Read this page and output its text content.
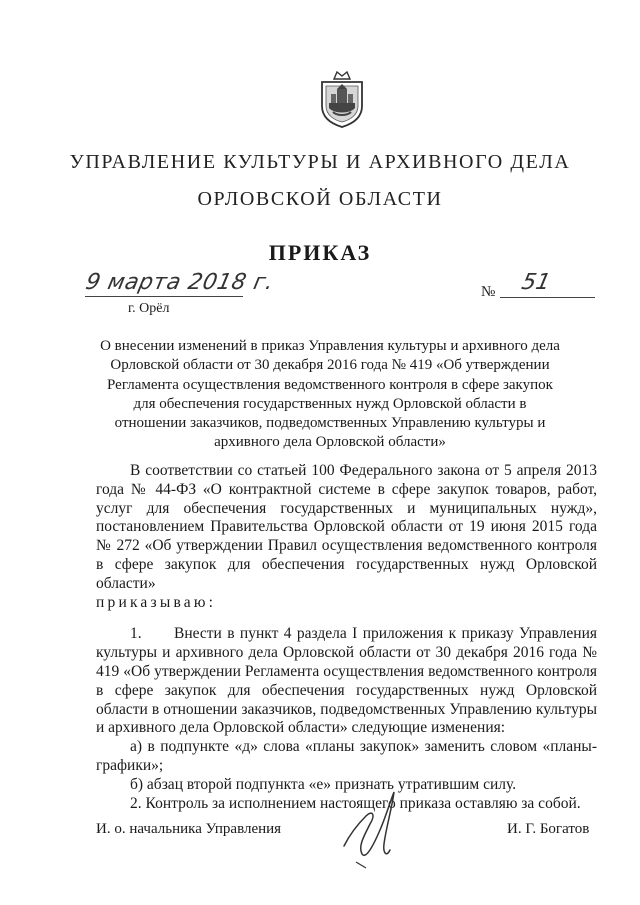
УПРАВЛЕНИЕ КУЛЬТУРЫ И АРХИВНОГО ДЕЛА
ОРЛОВСКОЙ ОБЛАСТИ
ПРИКАЗ
9 марта 2018 г.
г. Орёл
№ 51
О внесении изменений в приказ Управления культуры и архивного дела Орловской области от 30 декабря 2016 года № 419 «Об утверждении Регламента осуществления ведомственного контроля в сфере закупок для обеспечения государственных нужд Орловской области в отношении заказчиков, подведомственных Управлению культуры и архивного дела Орловской области»

В соответствии со статьей 100 Федерального закона от 5 апреля 2013 года № 44-ФЗ «О контрактной системе в сфере закупок товаров, работ, услуг для обеспечения государственных и муниципальных нужд», постановлением Правительства Орловской области от 19 июня 2015 года № 272 «Об утверждении Правил осуществления ведомственного контроля в сфере закупок для обеспечения государственных нужд Орловской области»

приказываю:

1.      Внести в пункт 4 раздела I приложения к приказу Управления культуры и архивного дела Орловской области от 30 декабря 2016 года № 419 «Об утверждении Регламента осуществления ведомственного контроля в сфере закупок для обеспечения государственных нужд Орловской области в отношении заказчиков, подведомственных Управлению культуры и архивного дела Орловской области» следующие изменения:

а) в подпункте «д» слова «планы закупок» заменить словом «планы-графики»;

б) абзац второй подпункта «е» признать утратившим силу.

2. Контроль за исполнением настоящего приказа оставляю за собой.

И. о. начальника Управления	И. Г. Богатов
